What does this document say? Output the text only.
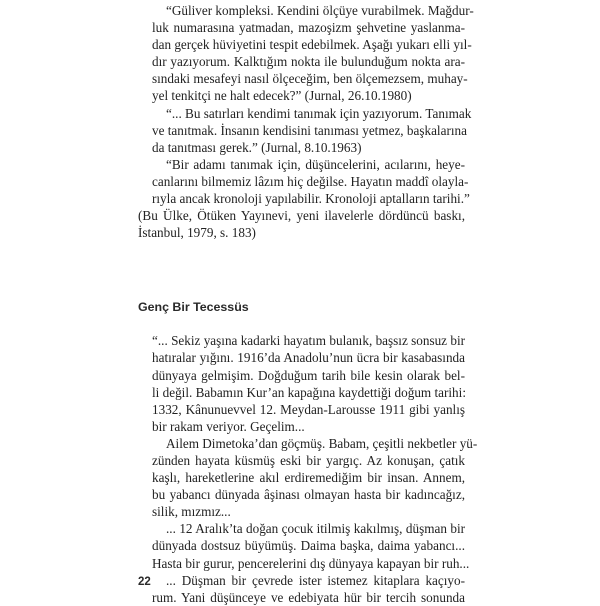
“Güliver kompleksi. Kendini ölçüye vurabilmek. Mağdur-
luk numarasına yatmadan, mazoşizm şehvetine yaslanma-
dan gerçek hüviyetini tespit edebilmek. Aşağı yukarı elli yıl-
dır yazıyorum. Kalktığım nokta ile bulunduğum nokta ara-
sındaki mesafeyi nasıl ölçeceğim, ben ölçemezsem, muhay-
yel tenkitçi ne halt edecek?” (Jurnal, 26.10.1980)

“... Bu satırları kendimi tanımak için yazıyorum. Tanımak
ve tanıtmak. İnsanın kendisini tanıması yetmez, başkalarına
da tanıtması gerek.” (Jurnal, 8.10.1963)

“Bir adamı tanımak için, düşüncelerini, acılarını, heye-
canlarını bilmemiz lâzım hiç değilse. Hayatın maddî olayla-
rıyla ancak kronoloji yapılabilir. Kronoloji aptalların tarihi.”
(Bu Ülke, Ötüken Yayınevi, yeni ilavelerle dördüncü baskı,
İstanbul, 1979, s. 183)

Genç Bir Tecessüs

“... Sekiz yaşına kadarki hayatım bulanık, başsız sonsuz bir
hatıralar yığını. 1916’da Anadolu’nun ücra bir kasabasında
dünyaya gelmişim. Doğduğum tarih bile kesin olarak bel-
li değil. Babamın Kur’an kapağına kaydettiği doğum tarihi:
1332, Kânunuevvel 12. Meydan-Larousse 1911 gibi yanlış
bir rakam veriyor. Geçelim...

Ailem Dimetoka’dan göçmüş. Babam, çeşitli nekbetler yü-
zünden hayata küsmüş eski bir yargıç. Az konuşan, çatık
kaşlı, hareketlerine akıl erdiremediğim bir insan. Annem,
bu yabancı dünyada âşinası olmayan hasta bir kadıncağız,
silik, mızmız...

... 12 Aralık’ta doğan çocuk itilmiş kakılmış, düşman bir
dünyada dostsuz büyümüş. Daima başka, daima yabancı...
Hasta bir gurur, pencerelerini dış dünyaya kapayan bir ruh...

... Düşman bir çevrede ister istemez kitaplara kaçıyo-
rum. Yani düşünceye ve edebiyata hür bir tercih sonunda

22
